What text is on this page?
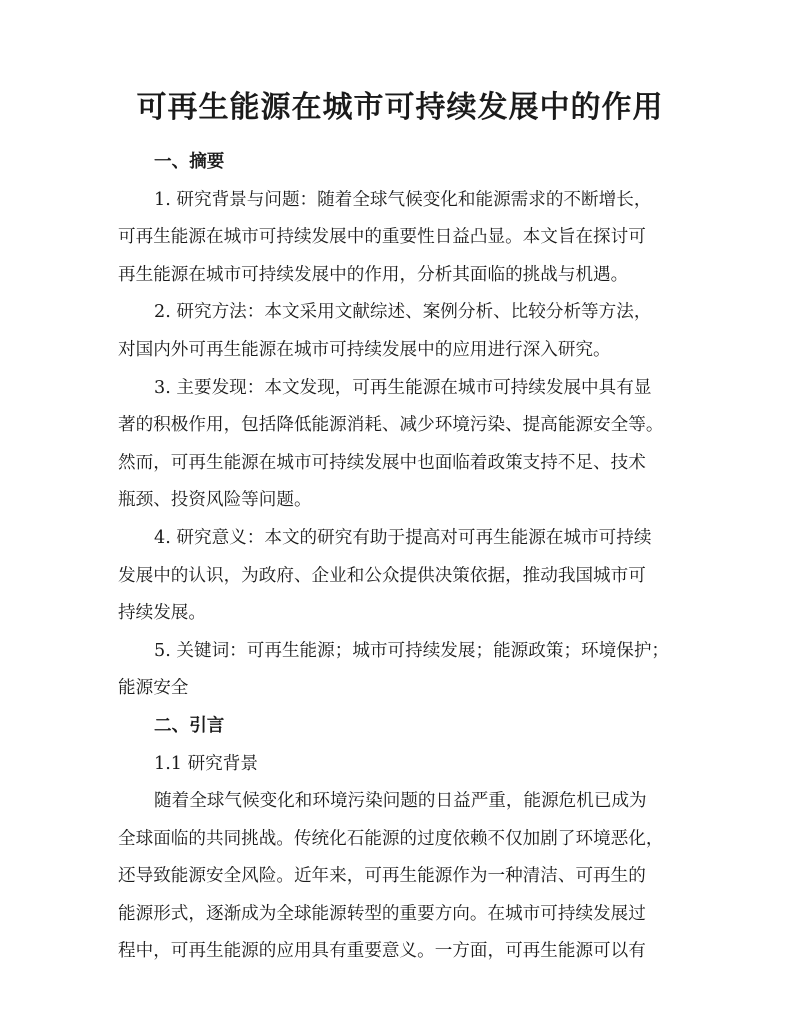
可再生能源在城市可持续发展中的作用
一、摘要
1. 研究背景与问题：随着全球气候变化和能源需求的不断增长，
可再生能源在城市可持续发展中的重要性日益凸显。本文旨在探讨可
再生能源在城市可持续发展中的作用，分析其面临的挑战与机遇。
2. 研究方法：本文采用文献综述、案例分析、比较分析等方法，
对国内外可再生能源在城市可持续发展中的应用进行深入研究。
3. 主要发现：本文发现，可再生能源在城市可持续发展中具有显
著的积极作用，包括降低能源消耗、减少环境污染、提高能源安全等。
然而，可再生能源在城市可持续发展中也面临着政策支持不足、技术
瓶颈、投资风险等问题。
4. 研究意义：本文的研究有助于提高对可再生能源在城市可持续
发展中的认识，为政府、企业和公众提供决策依据，推动我国城市可
持续发展。
5. 关键词：可再生能源；城市可持续发展；能源政策；环境保护；
能源安全
二、引言
1.1 研究背景
随着全球气候变化和环境污染问题的日益严重，能源危机已成为
全球面临的共同挑战。传统化石能源的过度依赖不仅加剧了环境恶化，
还导致能源安全风险。近年来，可再生能源作为一种清洁、可再生的
能源形式，逐渐成为全球能源转型的重要方向。在城市可持续发展过
程中，可再生能源的应用具有重要意义。一方面，可再生能源可以有
